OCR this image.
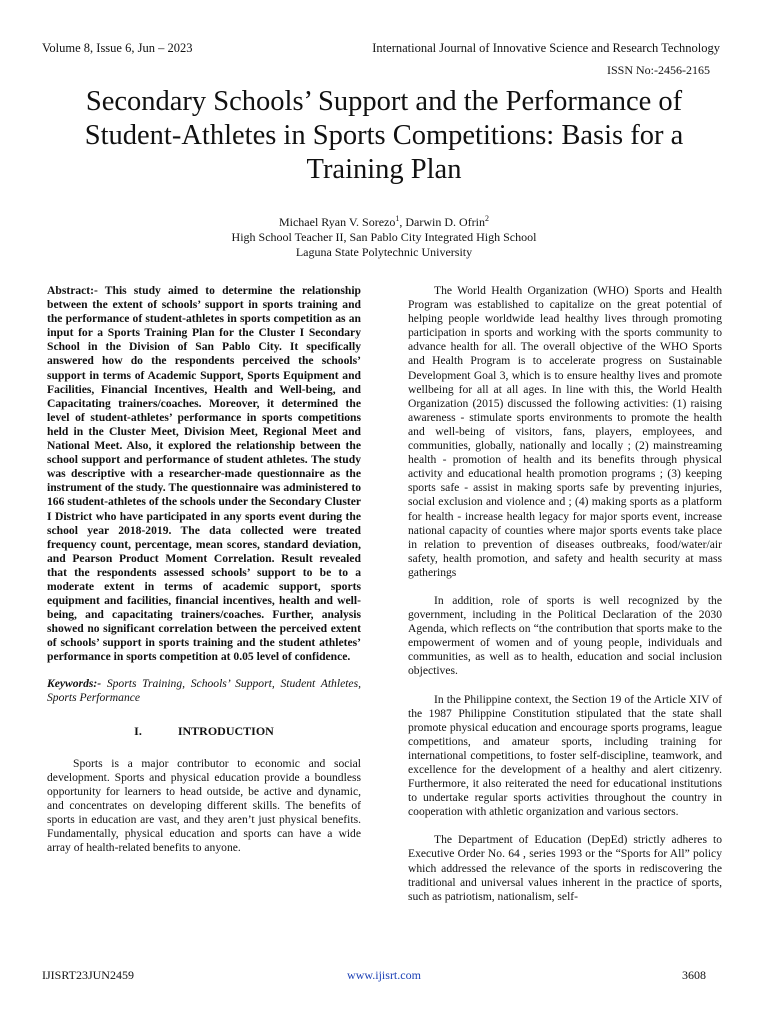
Volume 8, Issue 6, Jun – 2023	International Journal of Innovative Science and Research Technology
ISSN No:-2456-2165
Secondary Schools’ Support and the Performance of Student-Athletes in Sports Competitions: Basis for a Training Plan
Michael Ryan V. Sorezo$^1$, Darwin D. Ofrin$^2$
High School Teacher II, San Pablo City Integrated High School
Laguna State Polytechnic University

Abstract:- This study aimed to determine the relationship between the extent of schools’ support in sports training and the performance of student-athletes in sports competition as an input for a Sports Training Plan for the Cluster I Secondary School in the Division of San Pablo City. It specifically answered how do the respondents perceived the schools’ support in terms of Academic Support, Sports Equipment and Facilities, Financial Incentives, Health and Well-being, and Capacitating trainers/coaches. Moreover, it determined the level of student-athletes’ performance in sports competitions held in the Cluster Meet, Division Meet, Regional Meet and National Meet. Also, it explored the relationship between the school support and performance of student athletes. The study was descriptive with a researcher-made questionnaire as the instrument of the study. The questionnaire was administered to 166 student-athletes of the schools under the Secondary Cluster I District who have participated in any sports event during the school year 2018-2019. The data collected were treated frequency count, percentage, mean scores, standard deviation, and Pearson Product Moment Correlation. Result revealed that the respondents assessed schools’ support to be to a moderate extent in terms of academic support, sports equipment and facilities, financial incentives, health and well-being, and capacitating trainers/coaches. Further, analysis showed no significant correlation between the perceived extent of schools’ support in sports training and the student athletes’ performance in sports competition at 0.05 level of confidence.

Keywords:- Sports Training, Schools’ Support, Student Athletes, Sports Performance

I.	INTRODUCTION

Sports is a major contributor to economic and social development. Sports and physical education provide a boundless opportunity for learners to head outside, be active and dynamic, and concentrates on developing different skills. The benefits of sports in education are vast, and they aren’t just physical benefits. Fundamentally, physical education and sports can have a wide array of health-related benefits to anyone.

The World Health Organization (WHO) Sports and Health Program was established to capitalize on the great potential of helping people worldwide lead healthy lives through promoting participation in sports and working with the sports community to advance health for all. The overall objective of the WHO Sports and Health Program is to accelerate progress on Sustainable Development Goal 3, which is to ensure healthy lives and promote wellbeing for all at all ages. In line with this, the World Health Organization (2015) discussed the following activities: (1) raising awareness - stimulate sports environments to promote the health and well-being of visitors, fans, players, employees, and communities, globally, nationally and locally ; (2) mainstreaming health - promotion of health and its benefits through physical activity and educational health promotion programs ; (3) keeping sports safe - assist in making sports safe by preventing injuries, social exclusion and violence and ; (4) making sports as a platform for health - increase health legacy for major sports event, increase national capacity of counties where major sports events take place in relation to prevention of diseases outbreaks, food/water/air safety, health promotion, and safety and health security at mass gatherings

In addition, role of sports is well recognized by the government, including in the Political Declaration of the 2030 Agenda, which reflects on “the contribution that sports make to the empowerment of women and of young people, individuals and communities, as well as to health, education and social inclusion objectives.

In the Philippine context, the Section 19 of the Article XIV of the 1987 Philippine Constitution stipulated that the state shall promote physical education and encourage sports programs, league competitions, and amateur sports, including training for international competitions, to foster self-discipline, teamwork, and excellence for the development of a healthy and alert citizenry. Furthermore, it also reiterated the need for educational institutions to undertake regular sports activities throughout the country in cooperation with athletic organization and various sectors.

The Department of Education (DepEd) strictly adheres to Executive Order No. 64 , series 1993 or the “Sports for All” policy which addressed the relevance of the sports in rediscovering the traditional and universal values inherent in the practice of sports, such as patriotism, nationalism, self-

IJISRT23JUN2459	www.ijisrt.com	3608
